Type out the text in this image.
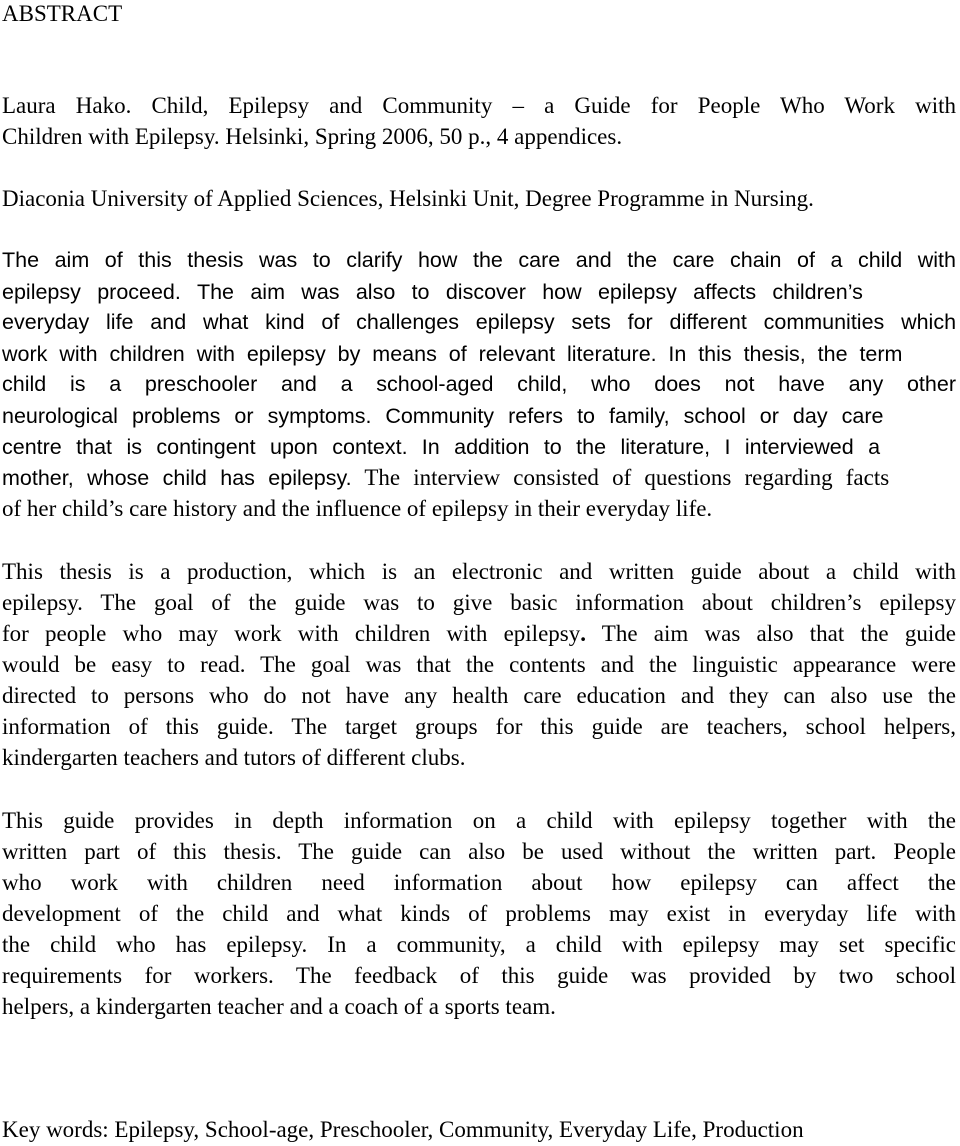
ABSTRACT
Laura Hako. Child, Epilepsy and Community – a Guide for People Who Work with
Children with Epilepsy. Helsinki, Spring 2006, 50 p., 4 appendices.
Diaconia University of Applied Sciences, Helsinki Unit, Degree Programme in Nursing.
The aim of this thesis was to clarify how the care and the care chain of a child with
epilepsy proceed. The aim was also to discover how epilepsy affects children’s
everyday life and what kind of challenges epilepsy sets for different communities which
work with children with epilepsy by means of relevant literature. In this thesis, the term
child is a preschooler and a school-aged child, who does not have any other
neurological problems or symptoms. Community refers to family, school or day care
centre that is contingent upon context. In addition to the literature, I interviewed a
mother, whose child has epilepsy. The interview consisted of questions regarding facts
of her child’s care history and the influence of epilepsy in their everyday life.
This thesis is a production, which is an electronic and written guide about a child with
epilepsy. The goal of the guide was to give basic information about children’s epilepsy
for people who may work with children with epilepsy. The aim was also that the guide
would be easy to read. The goal was that the contents and the linguistic appearance were
directed to persons who do not have any health care education and they can also use the
information of this guide. The target groups for this guide are teachers, school helpers,
kindergarten teachers and tutors of different clubs.
This guide provides in depth information on a child with epilepsy together with the
written part of this thesis. The guide can also be used without the written part. People
who work with children need information about how epilepsy can affect the
development of the child and what kinds of problems may exist in everyday life with
the child who has epilepsy. In a community, a child with epilepsy may set specific
requirements for workers. The feedback of this guide was provided by two school
helpers, a kindergarten teacher and a coach of a sports team.
Key words: Epilepsy, School-age, Preschooler, Community, Everyday Life, Production
